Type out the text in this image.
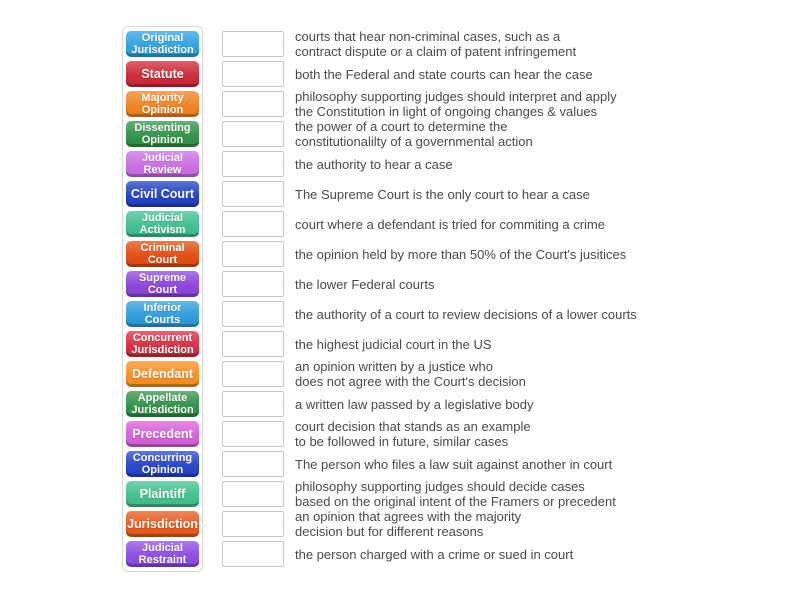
Original Jurisdiction
Statute
Majority Opinion
Dissenting Opinion
Judicial Review
Civil Court
Judicial Activism
Criminal Court
Supreme Court
Inferior Courts
Concurrent Jurisdiction
Defendant
Appellate Jurisdiction
Precedent
Concurring Opinion
Plaintiff
Jurisdiction
Judicial Restraint
courts that hear non-criminal cases, such as a
contract dispute or a claim of patent infringement
both the Federal and state courts can hear the case
philosophy supporting judges should interpret and apply
the Constitution in light of ongoing changes & values
the power of a court to determine the
constitutionalilty of a governmental action
the authority to hear a case
The Supreme Court is the only court to hear a case
court where a defendant is tried for commiting a crime
the opinion held by more than 50% of the Court's jusitices
the lower Federal courts
the authority of a court to review decisions of a lower courts
the highest judicial court in the US
an opinion written by a justice who
does not agree with the Court's decision
a written law passed by a legislative body
court decision that stands as an example
to be followed in future, similar cases
The person who files a law suit against another in court
philosophy supporting judges should decide cases
based on the original intent of the Framers or precedent
an opinion that agrees with the majority
decision but for different reasons
the person charged with a crime or sued in court
